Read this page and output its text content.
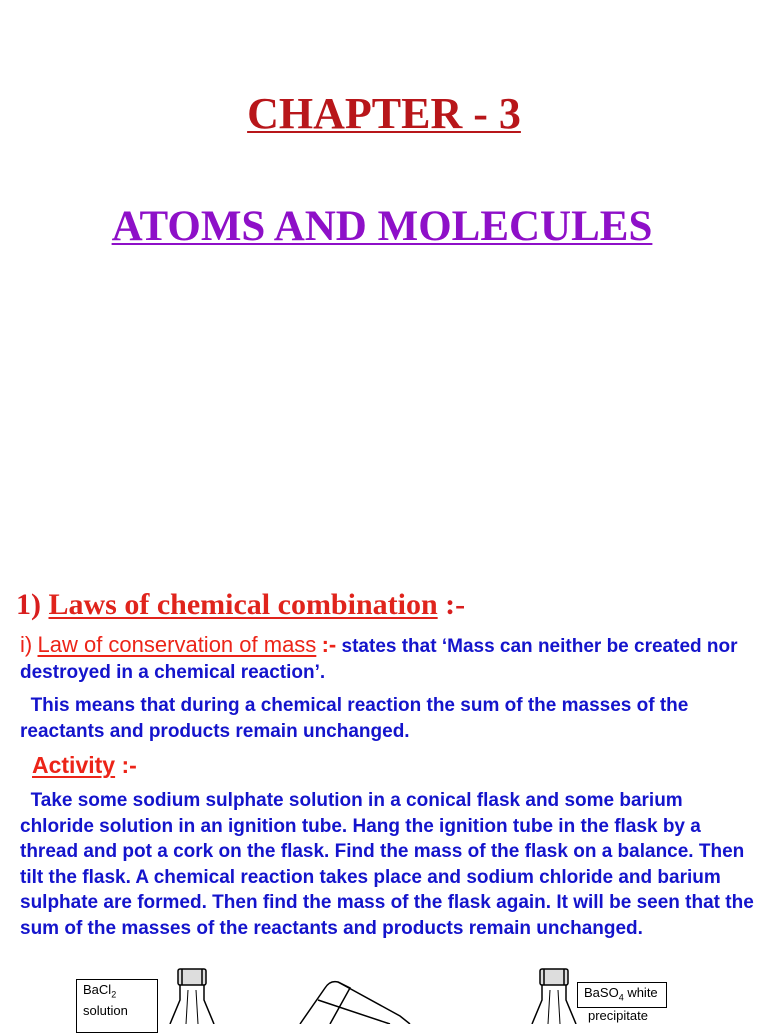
CHAPTER - 3
ATOMS AND MOLECULES
1) Laws of chemical combination :-
i) Law of conservation of mass :- states that ‘Mass can neither be created nor destroyed in a chemical reaction’.
This means that during a chemical reaction the sum of the masses of the reactants and products remain unchanged.
Activity :-
Take some sodium sulphate solution in a conical flask and some barium chloride solution in an ignition tube. Hang the ignition tube in the flask by a thread and pot a cork on the flask. Find the mass of the flask on a balance. Then tilt the flask. A chemical reaction takes place and sodium chloride and barium sulphate are formed. Then find the mass of the flask again. It will be seen that the sum of the masses of the reactants and products remain unchanged.
BaCl$_2$
solution
BaSO$_4$ white
precipitate
